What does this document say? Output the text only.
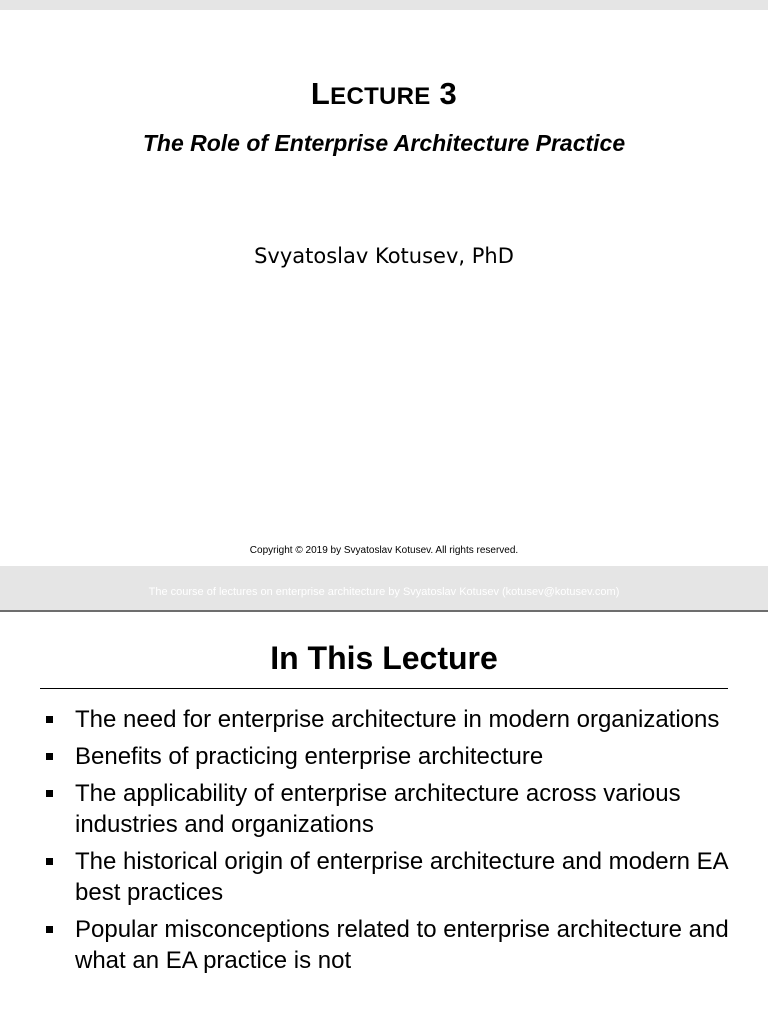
LECTURE 3
The Role of Enterprise Architecture Practice
Svyatoslav Kotusev, PhD
Copyright © 2019 by Svyatoslav Kotusev. All rights reserved.
The course of lectures on enterprise architecture by Svyatoslav Kotusev (kotusev@kotusev.com)
In This Lecture
The need for enterprise architecture in modern organizations
Benefits of practicing enterprise architecture
The applicability of enterprise architecture across various industries and organizations
The historical origin of enterprise architecture and modern EA best practices
Popular misconceptions related to enterprise architecture and what an EA practice is not
